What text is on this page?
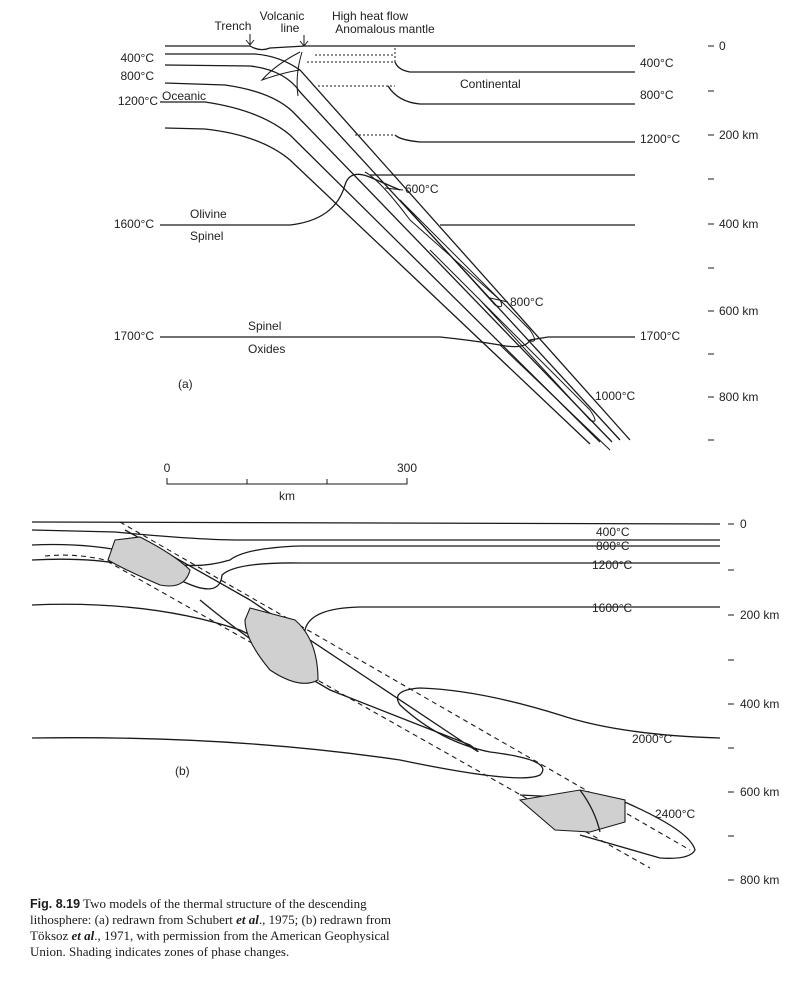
Trench
Volcanic
line
High heat flow
Anomalous mantle
400°C
800°C
1200°C
1600°C
1700°C
Oceanic
Continental
400°C
800°C
1200°C
1700°C
600°C
800°C
1000°C
Olivine
Spinel
Spinel
Oxides
(a)
0
200 km
400 km
600 km
800 km
0	300
km
400°C
800°C
1200°C
1600°C
2000°C
2400°C
(b)
0
200 km
400 km
600 km
800 km
Fig. 8.19 Two models of the thermal structure of the descending lithosphere: (a) redrawn from Schubert et al., 1975; (b) redrawn from Töksoz et al., 1971, with permission from the American Geophysical Union. Shading indicates zones of phase changes.
